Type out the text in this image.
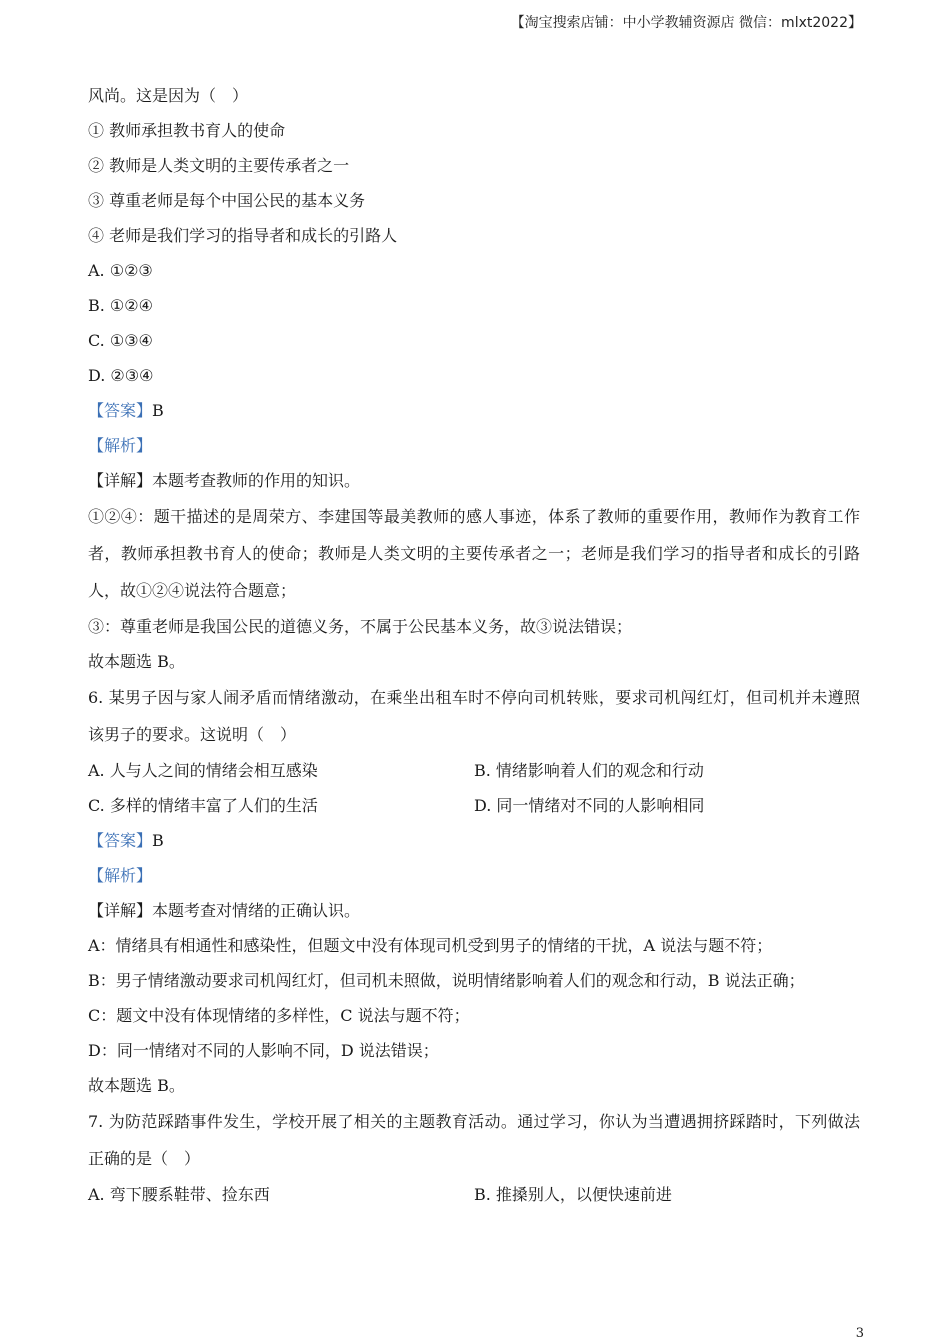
【淘宝搜索店铺：中小学教辅资源店 微信：mlxt2022】
风尚。这是因为（　）
① 教师承担教书育人的使命
② 教师是人类文明的主要传承者之一
③ 尊重老师是每个中国公民的基本义务
④ 老师是我们学习的指导者和成长的引路人
A. ①②③
B. ①②④
C. ①③④
D. ②③④
【答案】B
【解析】
【详解】本题考查教师的作用的知识。
①②④：题干描述的是周荣方、李建国等最美教师的感人事迹，体系了教师的重要作用，教师作为教育工作者，教师承担教书育人的使命；教师是人类文明的主要传承者之一；老师是我们学习的指导者和成长的引路人，故①②④说法符合题意；
③：尊重老师是我国公民的道德义务，不属于公民基本义务，故③说法错误；
故本题选 B。
6. 某男子因与家人闹矛盾而情绪激动，在乘坐出租车时不停向司机转账，要求司机闯红灯，但司机并未遵照该男子的要求。这说明（　）
A. 人与人之间的情绪会相互感染	B. 情绪影响着人们的观念和行动
C. 多样的情绪丰富了人们的生活	D. 同一情绪对不同的人影响相同
【答案】B
【解析】
【详解】本题考查对情绪的正确认识。
A：情绪具有相通性和感染性，但题文中没有体现司机受到男子的情绪的干扰，A 说法与题不符；
B：男子情绪激动要求司机闯红灯，但司机未照做，说明情绪影响着人们的观念和行动，B 说法正确；
C：题文中没有体现情绪的多样性，C 说法与题不符；
D：同一情绪对不同的人影响不同，D 说法错误；
故本题选 B。
7. 为防范踩踏事件发生，学校开展了相关的主题教育活动。通过学习，你认为当遭遇拥挤踩踏时，下列做法正确的是（　）
A. 弯下腰系鞋带、捡东西	B. 推搡别人，以便快速前进
3
